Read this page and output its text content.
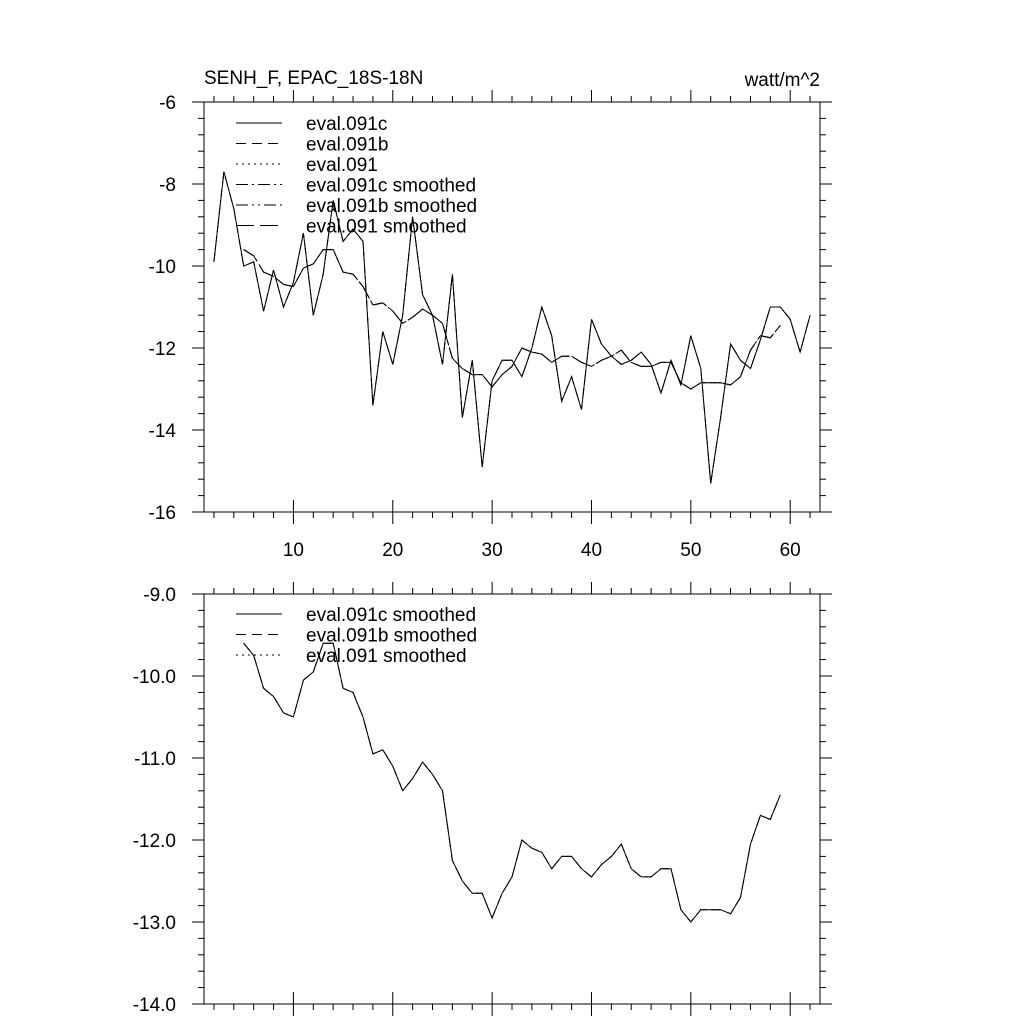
SENH_F, EPAC_18S-18N	watt/m^2
10	20	30	40	50	60
-6
-8
-10
-12
-14
-16
eval.091c
eval.091b
eval.091
eval.091c smoothed
eval.091b smoothed
eval.091 smoothed
-9.0
-10.0
-11.0
-12.0
-13.0
-14.0
eval.091c smoothed
eval.091b smoothed
eval.091 smoothed
